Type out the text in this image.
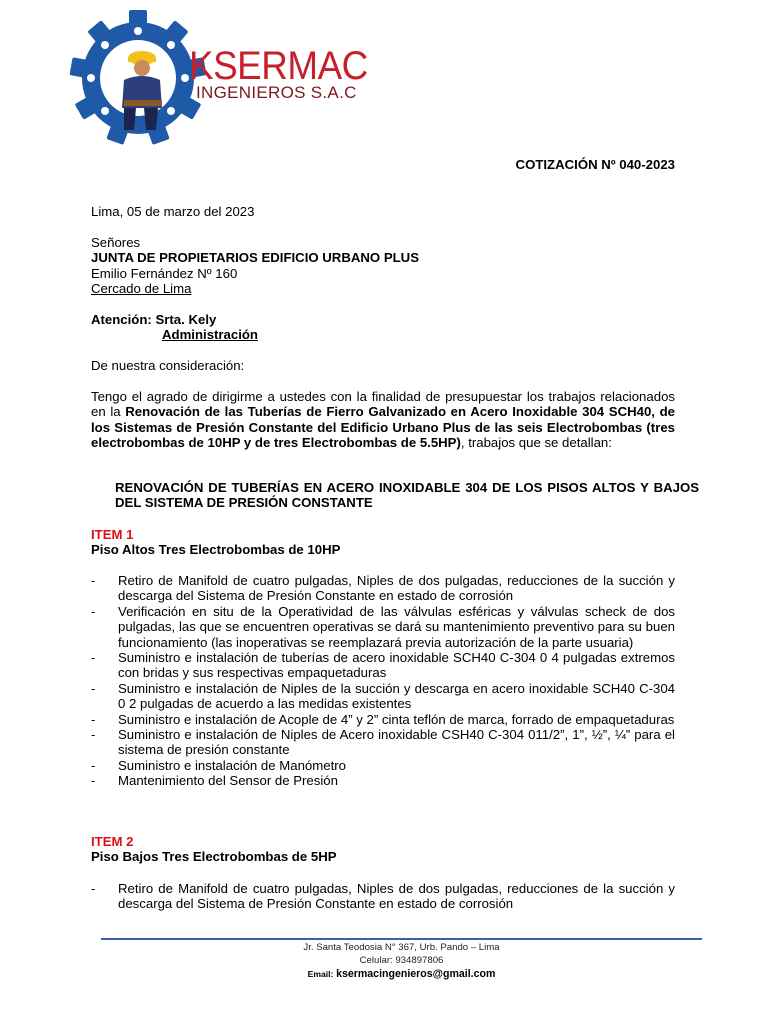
KSERMAC
INGENIEROS S.A.C
COTIZACIÓN Nº 040-2023
Lima, 05 de marzo del 2023

Señores

JUNTA DE PROPIETARIOS EDIFICIO URBANO PLUS

Emilio Fernández Nº 160

Cercado de Lima

Atención: Srta. Kely

Administración

De nuestra consideración:
Tengo el agrado de dirigirme a ustedes con la finalidad de presupuestar los trabajos relacionados en la Renovación de las Tuberías de Fierro Galvanizado en Acero Inoxidable 304 SCH40, de los Sistemas de Presión Constante del Edificio Urbano Plus de las seis Electrobombas (tres electrobombas de 10HP y de tres Electrobombas de 5.5HP), trabajos que se detallan:
RENOVACIÓN DE TUBERÍAS EN ACERO INOXIDABLE 304 DE LOS PISOS ALTOS Y BAJOS DEL SISTEMA DE PRESIÓN CONSTANTE

ITEM 1

Piso Altos Tres Electrobombas de 10HP

- Retiro de Manifold de cuatro pulgadas, Niples de dos pulgadas, reducciones de la succión y descarga del Sistema de Presión Constante en estado de corrosión
- Verificación en situ de la Operatividad de las válvulas esféricas y válvulas scheck de dos pulgadas, las que se encuentren operativas se dará su mantenimiento preventivo para su buen funcionamiento (las inoperativas se reemplazará previa autorización de la parte usuaria)
- Suministro e instalación de tuberías de acero inoxidable SCH40 C-304 0 4 pulgadas extremos con bridas y sus respectivas empaquetaduras
- Suministro e instalación de Niples de la succión y descarga en acero inoxidable SCH40 C-304 0 2 pulgadas de acuerdo a las medidas existentes
- Suministro e instalación de Acople de 4” y 2” cinta teflón de marca, forrado de empaquetaduras
- Suministro e instalación de Niples de Acero inoxidable CSH40 C-304 011/2”, 1”, ½”, ¼” para el sistema de presión constante
- Suministro e instalación de Manómetro
- Mantenimiento del Sensor de Presión

ITEM 2

Piso Bajos Tres Electrobombas de 5HP

- Retiro de Manifold de cuatro pulgadas, Niples de dos pulgadas, reducciones de la succión y descarga del Sistema de Presión Constante en estado de corrosión
Jr. Santa Teodosia N° 367, Urb. Pando – Lima
Celular: 934897806
Email: ksermacingenieros@gmail.com
